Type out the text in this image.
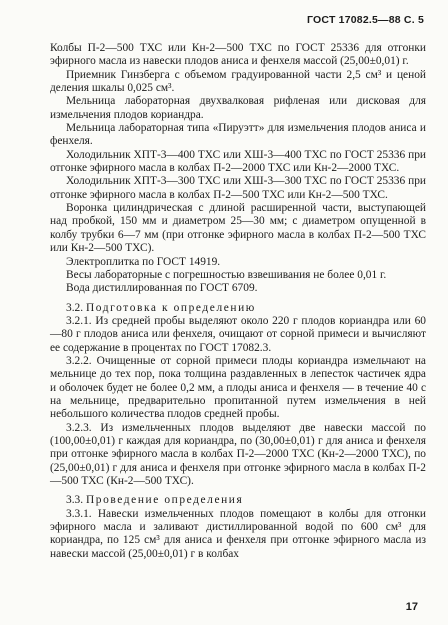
ГОСТ 17082.5—88 С. 5

Колбы П-2—500 ТХС или Кн-2—500 ТХС по ГОСТ 25336 для отгонки эфирного масла из навески плодов аниса и фенхеля массой (25,00±0,01) г.

Приемник Гинзберга с объемом градуированной части 2,5 см³ и ценой деления шкалы 0,025 см³.

Мельница лабораторная двухвалковая рифленая или дисковая для измельчения плодов кориандра.

Мельница лабораторная типа «Пируэтт» для измельчения плодов аниса и фенхеля.

Холодильник ХПТ-3—400 ТХС или ХШ-3—400 ТХС по ГОСТ 25336 при отгонке эфирного масла в колбах П-2—2000 ТХС или Кн-2—2000 ТХС.

Холодильник ХПТ-3—300 ТХС или ХШ-3—300 ТХС по ГОСТ 25336 при отгонке эфирного масла в колбах П-2—500 ТХС или Кн-2—500 ТХС.

Воронка цилиндрическая с длиной расширенной части, выступающей над пробкой, 150 мм и диаметром 25—30 мм; с диаметром опущенной в колбу трубки 6—7 мм (при отгонке эфирного масла в колбах П-2—500 ТХС или Кн-2—500 ТХС).

Электроплитка по ГОСТ 14919.

Весы лабораторные с погрешностью взвешивания не более 0,01 г.

Вода дистиллированная по ГОСТ 6709.

3.2. Подготовка к определению

3.2.1. Из средней пробы выделяют около 220 г плодов кориандра или 60—80 г плодов аниса или фенхеля, очищают от сорной примеси и вычисляют ее содержание в процентах по ГОСТ 17082.3.

3.2.2. Очищенные от сорной примеси плоды кориандра измельчают на мельнице до тех пор, пока толщина раздавленных в лепесток частичек ядра и оболочек будет не более 0,2 мм, а плоды аниса и фенхеля — в течение 40 с на мельнице, предварительно пропитанной путем измельчения в ней небольшого количества плодов средней пробы.

3.2.3. Из измельченных плодов выделяют две навески массой по (100,00±0,01) г каждая для кориандра, по (30,00±0,01) г для аниса и фенхеля при отгонке эфирного масла в колбах П-2—2000 ТХС (Кн-2—2000 ТХС), по (25,00±0,01) г для аниса и фенхеля при отгонке эфирного масла в колбах П-2—500 ТХС (Кн-2—500 ТХС).

3.3. Проведение определения

3.3.1. Навески измельченных плодов помещают в колбы для отгонки эфирного масла и заливают дистиллированной водой по 600 см³ для кориандра, по 125 см³ для аниса и фенхеля при отгонке эфирного масла из навески массой (25,00±0,01) г в колбах

17
